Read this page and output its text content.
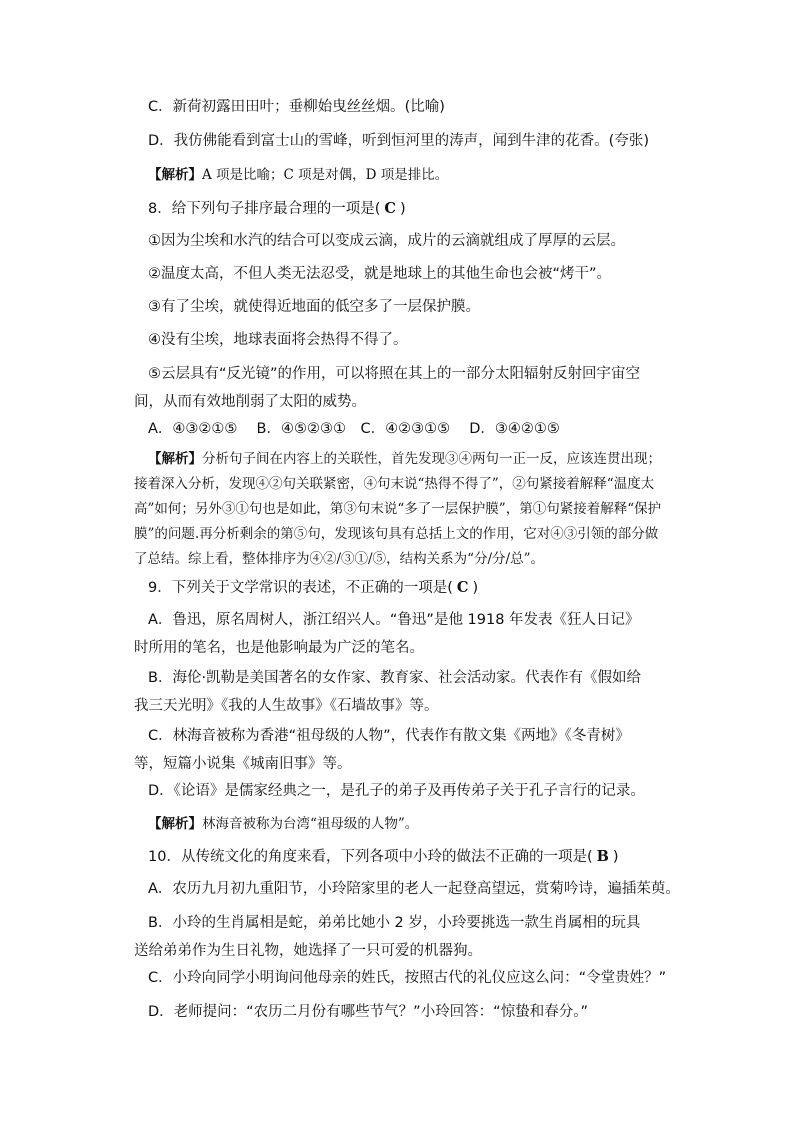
C．新荷初露田田叶；垂柳始曳丝丝烟。(比喻)

D．我仿佛能看到富士山的雪峰，听到恒河里的涛声，闻到牛津的花香。(夸张)

【解析】A 项是比喻；C 项是对偶，D 项是排比。

8．给下列句子排序最合理的一项是( C )

①因为尘埃和水汽的结合可以变成云滴，成片的云滴就组成了厚厚的云层。

②温度太高，不但人类无法忍受，就是地球上的其他生命也会被“烤干”。

③有了尘埃，就使得近地面的低空多了一层保护膜。

④没有尘埃，地球表面将会热得不得了。

⑤云层具有“反光镜”的作用，可以将照在其上的一部分太阳辐射反射回宇宙空间，从而有效地削弱了太阳的威势。

A．④③②①⑤　 B．④⑤②③①　C．④②③①⑤　 D．③④②①⑤

【解析】分析句子间在内容上的关联性，首先发现③④两句一正一反，应该连贯出现；接着深入分析，发现④②句关联紧密，④句末说“热得不得了”，②句紧接着解释“温度太高”如何；另外③①句也是如此，第③句末说“多了一层保护膜”，第①句紧接着解释“保护膜”的问题.再分析剩余的第⑤句，发现该句具有总括上文的作用，它对④③引领的部分做了总结。综上看，整体排序为④②/③①/⑤，结构关系为“分/分/总”。

9．下列关于文学常识的表述，不正确的一项是( C )

A．鲁迅，原名周树人，浙江绍兴人。“鲁迅”是他 1918 年发表《狂人日记》时所用的笔名，也是他影响最为广泛的笔名。

B．海伦·凯勒是美国著名的女作家、教育家、社会活动家。代表作有《假如给我三天光明》《我的人生故事》《石墙故事》等。

C．林海音被称为香港“祖母级的人物”，代表作有散文集《两地》《冬青树》等，短篇小说集《城南旧事》等。

D．《论语》是儒家经典之一，是孔子的弟子及再传弟子关于孔子言行的记录。

【解析】林海音被称为台湾“祖母级的人物”。

10．从传统文化的角度来看，下列各项中小玲的做法不正确的一项是( B )

A．农历九月初九重阳节，小玲陪家里的老人一起登高望远，赏菊吟诗，遍插茱萸。

B．小玲的生肖属相是蛇，弟弟比她小 2 岁，小玲要挑选一款生肖属相的玩具送给弟弟作为生日礼物，她选择了一只可爱的机器狗。

C．小玲向同学小明询问他母亲的姓氏，按照古代的礼仪应这么问：“令堂贵姓？”

D．老师提问：“农历二月份有哪些节气？”小玲回答：“惊蛰和春分。”
